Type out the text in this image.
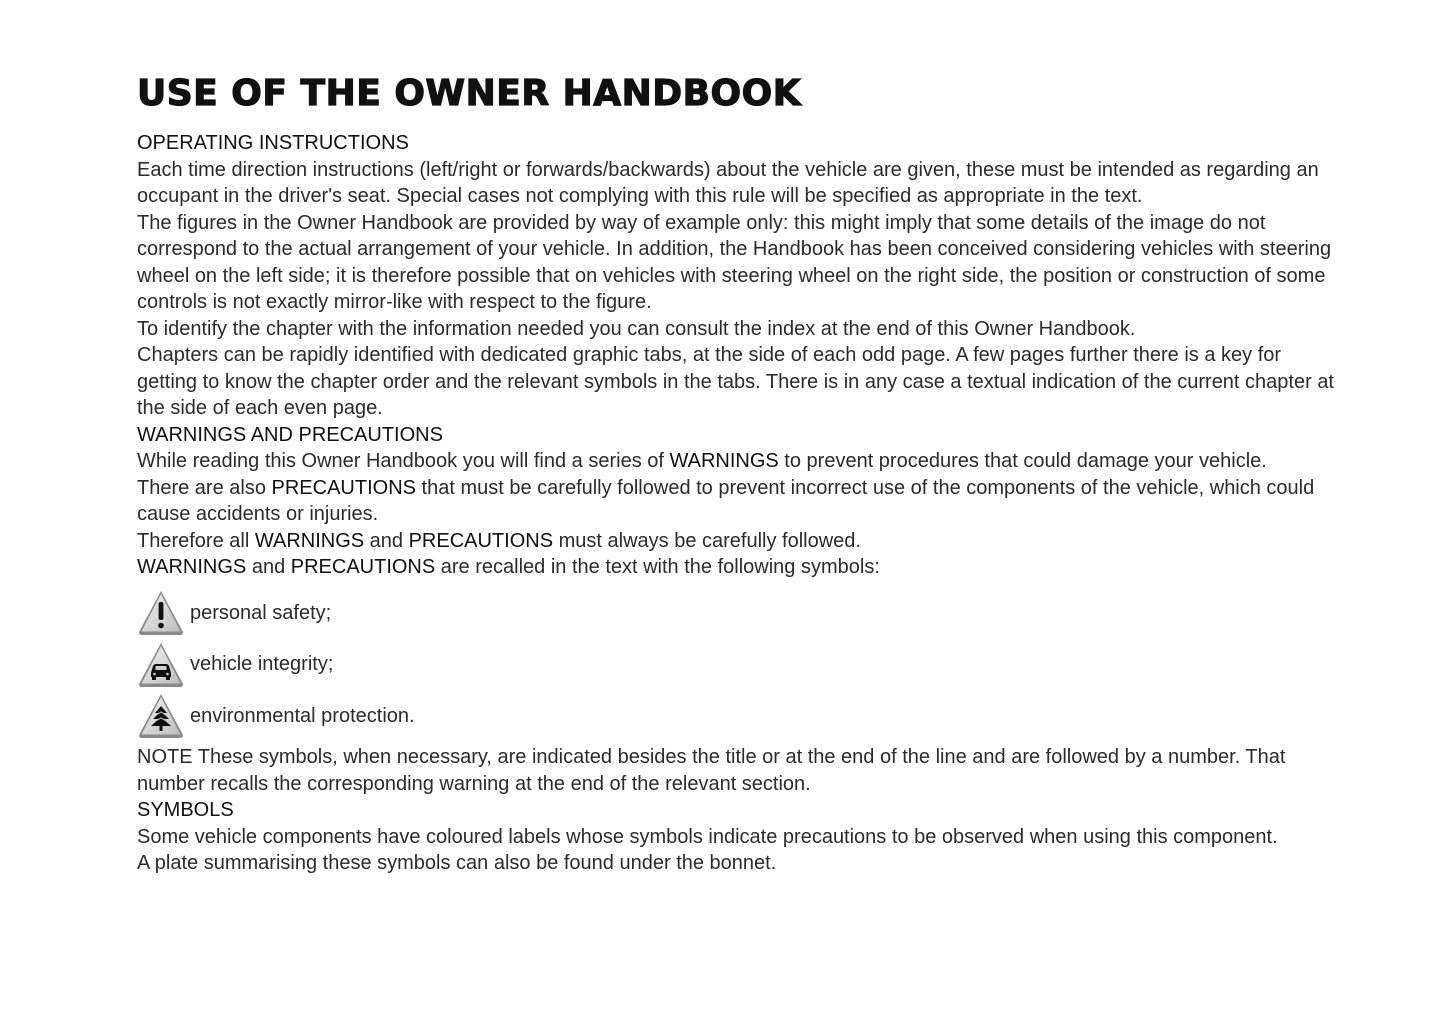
USE OF THE OWNER HANDBOOK
OPERATING INSTRUCTIONS

Each time direction instructions (left/right or forwards/backwards) about the vehicle are given, these must be intended as regarding an occupant in the driver's seat. Special cases not complying with this rule will be specified as appropriate in the text.

The figures in the Owner Handbook are provided by way of example only: this might imply that some details of the image do not correspond to the actual arrangement of your vehicle. In addition, the Handbook has been conceived considering vehicles with steering wheel on the left side; it is therefore possible that on vehicles with steering wheel on the right side, the position or construction of some controls is not exactly mirror-like with respect to the figure.

To identify the chapter with the information needed you can consult the index at the end of this Owner Handbook.

Chapters can be rapidly identified with dedicated graphic tabs, at the side of each odd page. A few pages further there is a key for getting to know the chapter order and the relevant symbols in the tabs. There is in any case a textual indication of the current chapter at the side of each even page.

WARNINGS AND PRECAUTIONS

While reading this Owner Handbook you will find a series of WARNINGS to prevent procedures that could damage your vehicle.

There are also PRECAUTIONS that must be carefully followed to prevent incorrect use of the components of the vehicle, which could cause accidents or injuries.

Therefore all WARNINGS and PRECAUTIONS must always be carefully followed.

WARNINGS and PRECAUTIONS are recalled in the text with the following symbols:

personal safety;
vehicle integrity;
environmental protection.

NOTE These symbols, when necessary, are indicated besides the title or at the end of the line and are followed by a number. That number recalls the corresponding warning at the end of the relevant section.

SYMBOLS

Some vehicle components have coloured labels whose symbols indicate precautions to be observed when using this component.

A plate summarising these symbols can also be found under the bonnet.
